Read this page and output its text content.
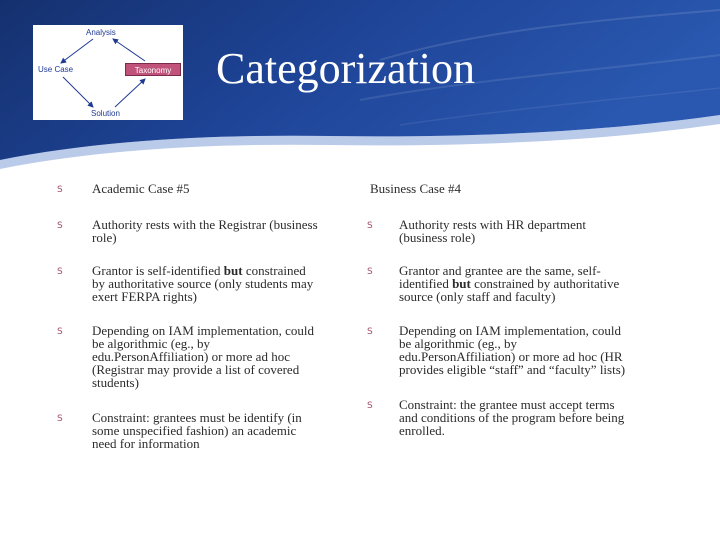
Analysis
Use Case	Taxonomy
Solution
Categorization
S Academic Case #5
S Authority rests with the Registrar (business
role)
S Grantor is self-identified but constrained
by authoritative source (only students may
exert FERPA rights)
S Depending on IAM implementation, could
be algorithmic (eg., by
edu.PersonAffiliation) or more ad hoc
(Registrar may provide a list of covered
students)
S Constraint: grantees must be identify (in
some unspecified fashion) an academic
need for information
Business Case #4
S Authority rests with HR department
(business role)
S Grantor and grantee are the same, self-
identified but constrained by authoritative
source (only staff and faculty)
S Depending on IAM implementation, could
be algorithmic (eg., by
edu.PersonAffiliation) or more ad hoc (HR
provides eligible “staff” and “faculty” lists)
S Constraint: the grantee must accept terms
and conditions of the program before being
enrolled.
